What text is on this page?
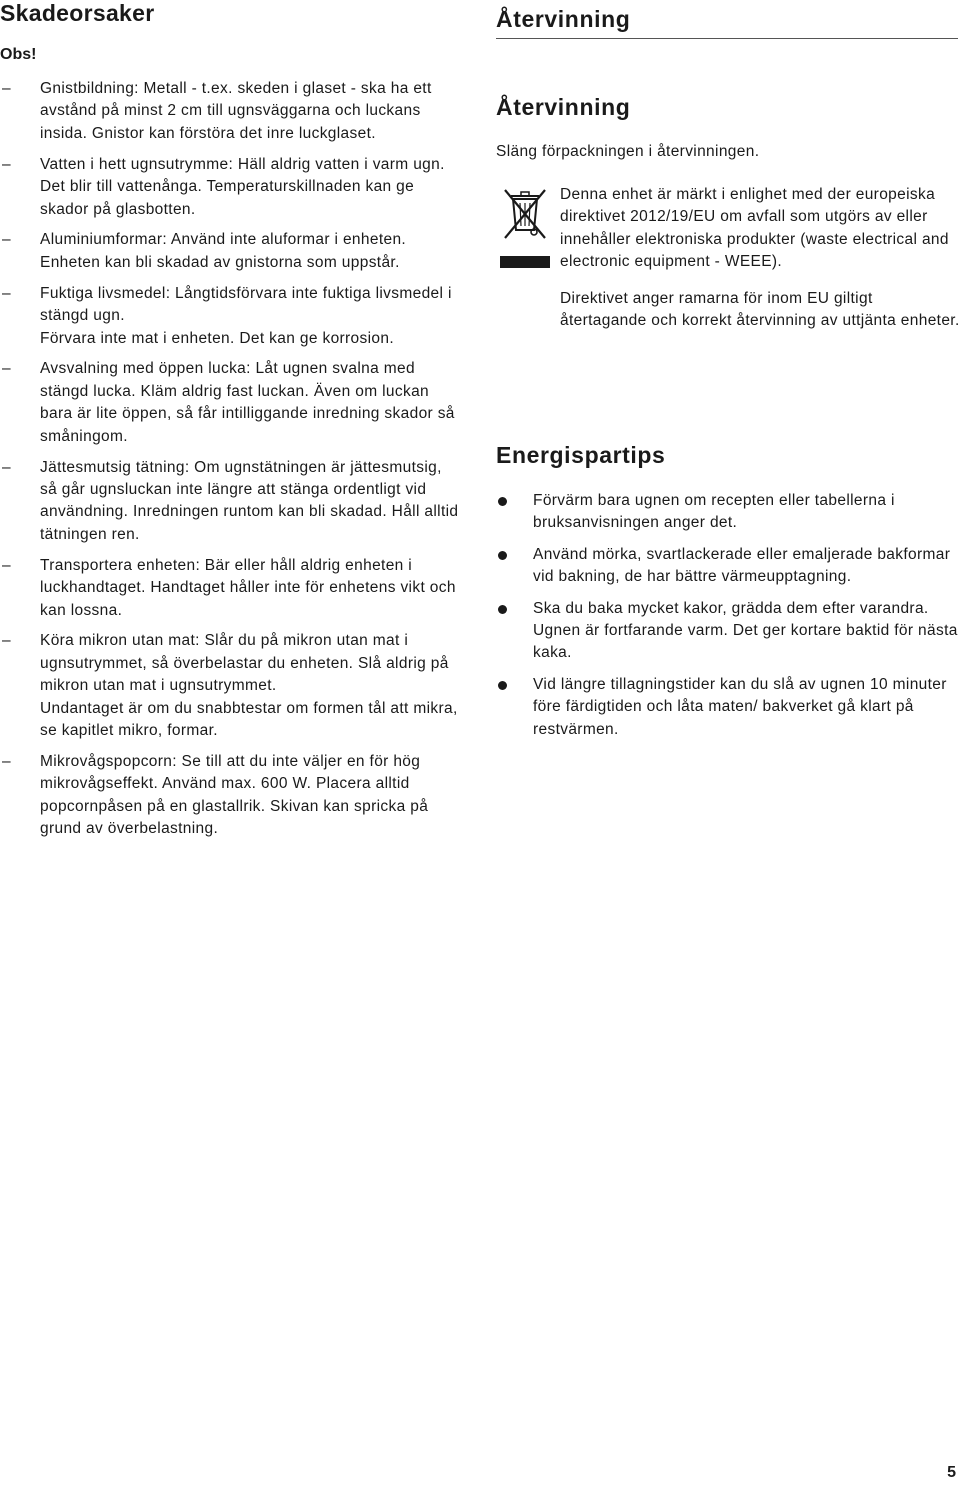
Skadeorsaker
Obs!
– Gnistbildning: Metall - t.ex. skeden i glaset - ska ha ett avstånd på minst 2 cm till ugnsväggarna och luckans insida. Gnistor kan förstöra det inre luckglaset.

– Vatten i hett ugnsutrymme: Häll aldrig vatten i varm ugn. Det blir till vattenånga. Temperaturskillnaden kan ge skador på glasbotten.

– Aluminiumformar: Använd inte aluformar i enheten. Enheten kan bli skadad av gnistorna som uppstår.

– Fuktiga livsmedel: Långtidsförvara inte fuktiga livsmedel i stängd ugn.

Förvara inte mat i enheten. Det kan ge korrosion.

– Avsvalning med öppen lucka: Låt ugnen svalna med stängd lucka. Kläm aldrig fast luckan. Även om luckan bara är lite öppen, så får intilliggande inredning skador så småningom.

– Jättesmutsig tätning: Om ugnstätningen är jättesmutsig, så går ugnsluckan inte längre att stänga ordentligt vid användning. Inredningen runtom kan bli skadad. Håll alltid tätningen ren.

– Transportera enheten: Bär eller håll aldrig enheten i luckhandtaget. Handtaget håller inte för enhetens vikt och kan lossna.

– Köra mikron utan mat: Slår du på mikron utan mat i ugnsutrymmet, så överbelastar du enheten. Slå aldrig på mikron utan mat i ugnsutrymmet.

Undantaget är om du snabbtestar om formen tål att mikra, se kapitlet mikro, formar.

– Mikrovågspopcorn: Se till att du inte väljer en för hög mikrovågseffekt. Använd max. 600 W. Placera alltid popcornpåsen på en glastallrik. Skivan kan spricka på grund av överbelastning.

Återvinning
Återvinning
Släng förpackningen i återvinningen.

Denna enhet är märkt i enlighet med der europeiska direktivet 2012/19/EU om avfall som utgörs av eller innehåller elektroniska produkter (waste electrical and electronic equipment - WEEE).

Direktivet anger ramarna för inom EU giltigt återtagande och korrekt återvinning av uttjänta enheter.

Energispartips
Förvärm bara ugnen om recepten eller tabellerna i bruksanvisningen anger det.
Använd mörka, svartlackerade eller emaljerade bakformar vid bakning, de har bättre värmeupptagning.
Ska du baka mycket kakor, grädda dem efter varandra. Ugnen är fortfarande varm. Det ger kortare baktid för nästa kaka.
Vid längre tillagningstider kan du slå av ugnen 10 minuter före färdigtiden och låta maten/ bakverket gå klart på restvärmen.
5
